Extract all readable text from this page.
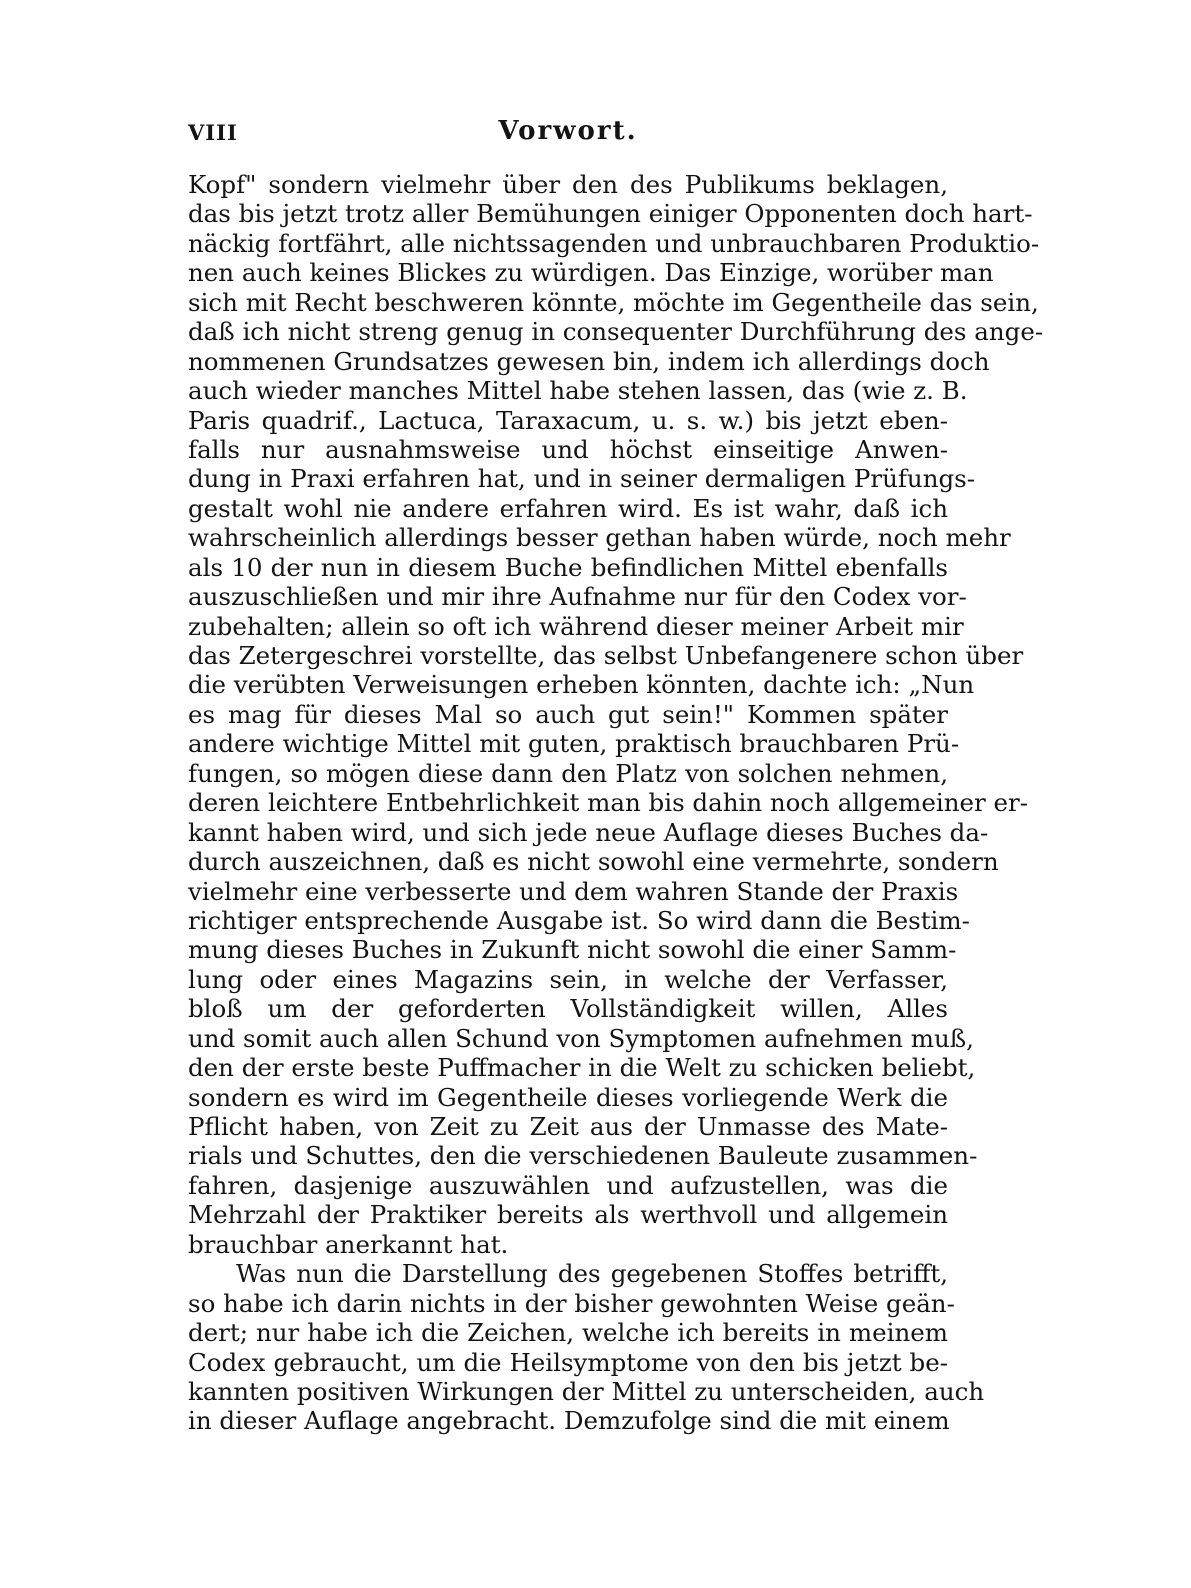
VIII	Vorwort.
Kopf" sondern vielmehr über den des Publikums beklagen,
das bis jetzt trotz aller Bemühungen einiger Opponenten doch hart-
näckig fortfährt, alle nichtssagenden und unbrauchbaren Produktio-
nen auch keines Blickes zu würdigen. Das Einzige, worüber man
sich mit Recht beschweren könnte, möchte im Gegentheile das sein,
daß ich nicht streng genug in consequenter Durchführung des ange-
nommenen Grundsatzes gewesen bin, indem ich allerdings doch
auch wieder manches Mittel habe stehen lassen, das (wie z. B.
Paris quadrif., Lactuca, Taraxacum, u. s. w.) bis jetzt eben-
falls nur ausnahmsweise und höchst einseitige Anwen-
dung in Praxi erfahren hat, und in seiner dermaligen Prüfungs-
gestalt wohl nie andere erfahren wird. Es ist wahr, daß ich
wahrscheinlich allerdings besser gethan haben würde, noch mehr
als 10 der nun in diesem Buche befindlichen Mittel ebenfalls
auszuschließen und mir ihre Aufnahme nur für den Codex vor-
zubehalten; allein so oft ich während dieser meiner Arbeit mir
das Zetergeschrei vorstellte, das selbst Unbefangenere schon über
die verübten Verweisungen erheben könnten, dachte ich: „Nun
es mag für dieses Mal so auch gut sein!" Kommen später
andere wichtige Mittel mit guten, praktisch brauchbaren Prü-
fungen, so mögen diese dann den Platz von solchen nehmen,
deren leichtere Entbehrlichkeit man bis dahin noch allgemeiner er-
kannt haben wird, und sich jede neue Auflage dieses Buches da-
durch auszeichnen, daß es nicht sowohl eine vermehrte, sondern
vielmehr eine verbesserte und dem wahren Stande der Praxis
richtiger entsprechende Ausgabe ist. So wird dann die Bestim-
mung dieses Buches in Zukunft nicht sowohl die einer Samm-
lung oder eines Magazins sein, in welche der Verfasser,
bloß um der geforderten Vollständigkeit willen, Alles
und somit auch allen Schund von Symptomen aufnehmen muß,
den der erste beste Puffmacher in die Welt zu schicken beliebt,
sondern es wird im Gegentheile dieses vorliegende Werk die
Pflicht haben, von Zeit zu Zeit aus der Unmasse des Mate-
rials und Schuttes, den die verschiedenen Bauleute zusammen-
fahren, dasjenige auszuwählen und aufzustellen, was die
Mehrzahl der Praktiker bereits als werthvoll und allgemein
brauchbar anerkannt hat.
Was nun die Darstellung des gegebenen Stoffes betrifft,
so habe ich darin nichts in der bisher gewohnten Weise geän-
dert; nur habe ich die Zeichen, welche ich bereits in meinem
Codex gebraucht, um die Heilsymptome von den bis jetzt be-
kannten positiven Wirkungen der Mittel zu unterscheiden, auch
in dieser Auflage angebracht. Demzufolge sind die mit einem
